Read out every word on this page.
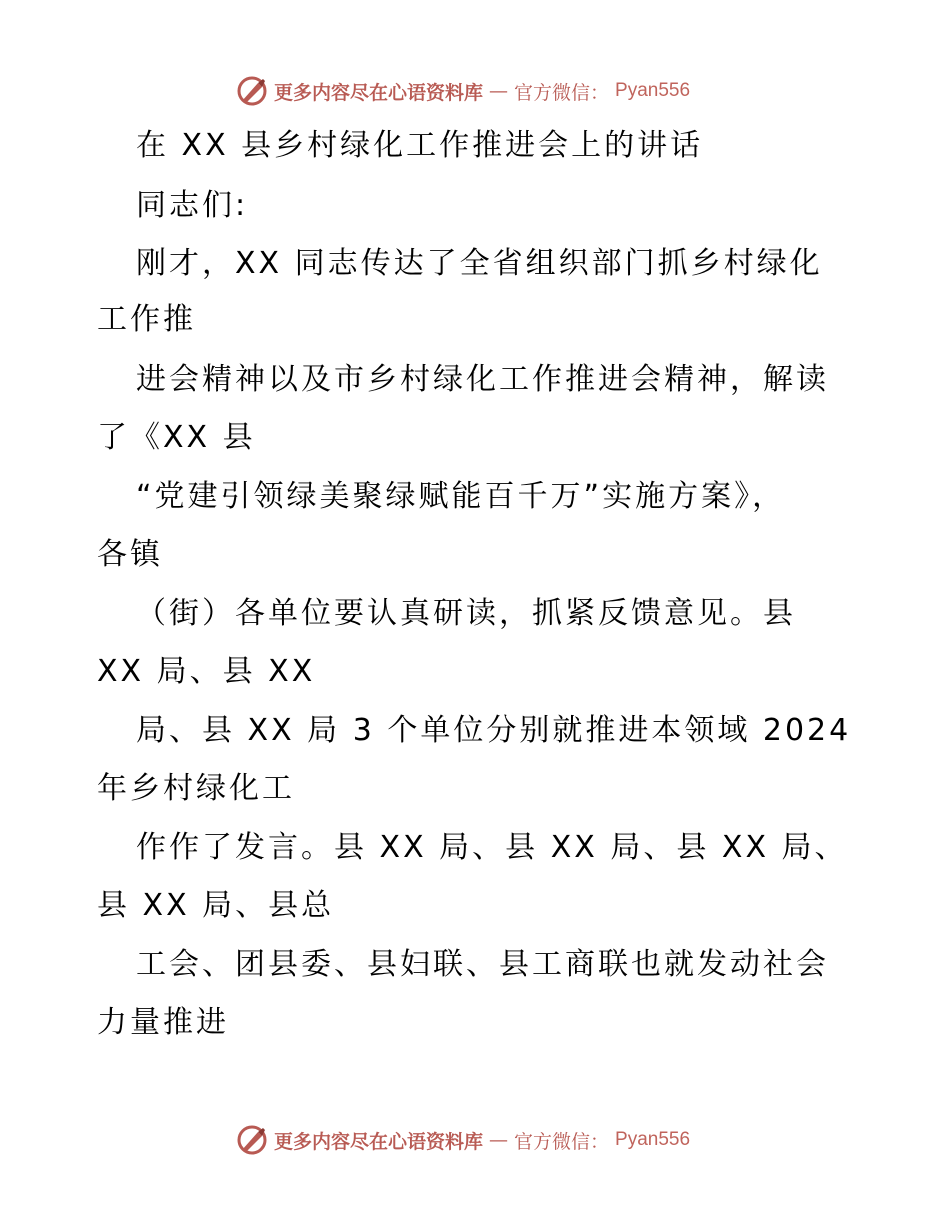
更多内容尽在心语资料库 — 官方微信： Pyan556
在 XX 县乡村绿化工作推进会上的讲话
同志们:
刚才，XX 同志传达了全省组织部门抓乡村绿化
工作推
进会精神以及市乡村绿化工作推进会精神，解读
了《XX 县
“党建引领绿美聚绿赋能百千万”实施方案》，
各镇
（街）各单位要认真研读，抓紧反馈意见。县
XX 局、县 XX
局、县 XX 局 3 个单位分别就推进本领域 2024
年乡村绿化工
作作了发言。县 XX 局、县 XX 局、县 XX 局、
县 XX 局、县总
工会、团县委、县妇联、县工商联也就发动社会
力量推进
更多内容尽在心语资料库 — 官方微信： Pyan556
